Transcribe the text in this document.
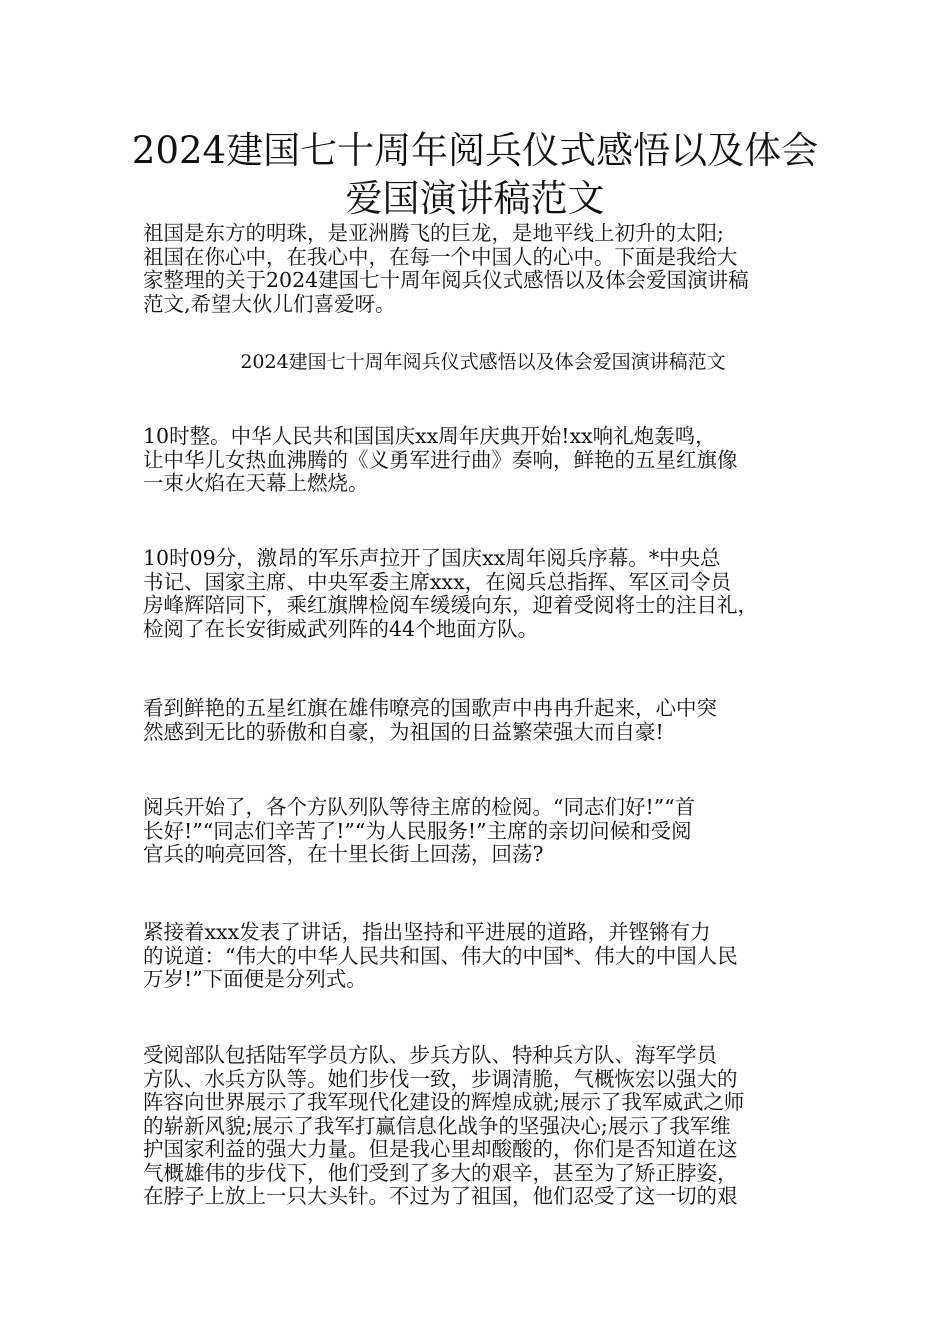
2024建国七十周年阅兵仪式感悟以及体会
爱国演讲稿范文
祖国是东方的明珠，是亚洲腾飞的巨龙，是地平线上初升的太阳;
祖国在你心中，在我心中，在每一个中国人的心中。下面是我给大
家整理的关于2024建国七十周年阅兵仪式感悟以及体会爱国演讲稿
范文,希望大伙儿们喜爱呀。
2024建国七十周年阅兵仪式感悟以及体会爱国演讲稿范文
10时整。中华人民共和国国庆xx周年庆典开始!xx响礼炮轰鸣，
让中华儿女热血沸腾的《义勇军进行曲》奏响，鲜艳的五星红旗像
一束火焰在天幕上燃烧。
10时09分，激昂的军乐声拉开了国庆xx周年阅兵序幕。*中央总
书记、国家主席、中央军委主席xxx，在阅兵总指挥、军区司令员
房峰辉陪同下，乘红旗牌检阅车缓缓向东，迎着受阅将士的注目礼，
检阅了在长安街威武列阵的44个地面方队。
看到鲜艳的五星红旗在雄伟嘹亮的国歌声中冉冉升起来，心中突
然感到无比的骄傲和自豪，为祖国的日益繁荣强大而自豪!
阅兵开始了，各个方队列队等待主席的检阅。“同志们好!”“首
长好!”“同志们辛苦了!”“为人民服务!”主席的亲切问候和受阅
官兵的响亮回答，在十里长街上回荡，回荡?
紧接着xxx发表了讲话，指出坚持和平进展的道路，并铿锵有力
的说道：“伟大的中华人民共和国、伟大的中国*、伟大的中国人民
万岁!”下面便是分列式。
受阅部队包括陆军学员方队、步兵方队、特种兵方队、海军学员
方队、水兵方队等。她们步伐一致，步调清脆，气概恢宏以强大的
阵容向世界展示了我军现代化建设的辉煌成就;展示了我军威武之师
的崭新风貌;展示了我军打赢信息化战争的坚强决心;展示了我军维
护国家利益的强大力量。但是我心里却酸酸的，你们是否知道在这
气概雄伟的步伐下，他们受到了多大的艰辛，甚至为了矫正脖姿，
在脖子上放上一只大头针。不过为了祖国，他们忍受了这一切的艰
